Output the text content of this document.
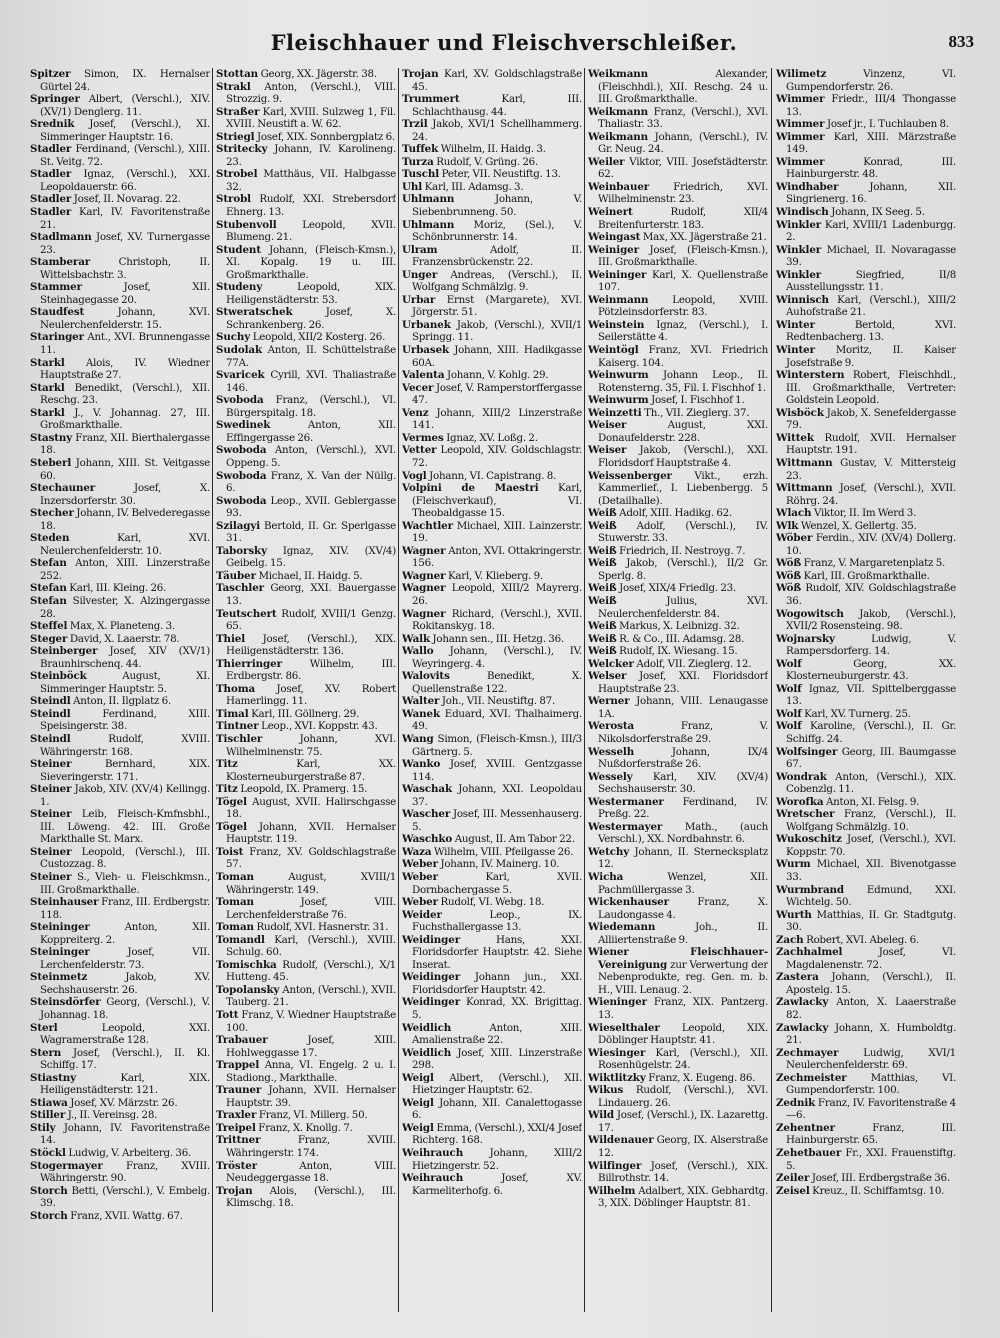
Fleischhauer und Fleischverschleißer.	833

Spitzer Simon, IX. Hernalser Gürtel 24.

Springer Albert, (Verschl.), XIV. (XV/1) Denglerg. 11.

Srednik Josef, (Verschl.), XI. Simmeringer Hauptstr. 16.

Stadler Ferdinand, (Verschl.), XIII. St. Veitg. 72.

Stadler Ignaz, (Verschl.), XXI. Leopoldauerstr. 66.

Stadler Josef, II. Novarag. 22.

Stadler Karl, IV. Favoritenstraße 21.

Stadlmann Josef, XV. Turnergasse 23.

Stamberar	Christoph, II. Wittelsbachstr. 3.

Stammer	Josef, XII. Steinhagegasse 20.

Staudfest	Johann, XVI. Neulerchenfelderstr. 15.

Staringer Ant., XVI. Brunnengasse 11.

Starkl Alois, IV. Wiedner Hauptstraße 27.

Starkl Benedikt, (Verschl.), XII. Reschg. 23.

Starkl J., V. Johannag. 27, III. Großmarkthalle.

Stastny Franz, XII. Bierthalergasse 18.

Steberl Johann, XIII. St. Veitgasse 60.

Stechauner	Josef, X. Inzersdorferstr. 30.

Stecher Johann, IV. Belvederegasse 18.

Steden	Karl, XVI. Neulerchenfelderstr. 10.

Stefan Anton, XIII. Linzerstraße 252.

Stefan Karl, III. Kleing. 26.

Stefan Silvester, X. Alzingergasse 28.

Steffel Max, X. Planeteng. 3.

Steger David, X. Laaerstr. 78.

Steinberger Josef, XIV (XV/1) Braunhirschenq. 44.

Steinböck	August, XI. Simmeringer Hauptstr. 5.

Steindl Anton, II. Ilgplatz 6.

Steindl	Ferdinand, XIII. Speisingerstr. 38.

Steindl	Rudolf, XVIII. Währingerstr. 168.

Steiner	Bernhard, XIX. Sieveringerstr. 171.

Steiner Jakob, XIV. (XV/4) Kellingg. 1.

Steiner Leib, Fleisch-Kmfnsbhl., III. Löweng. 42. III. Große Markthalle St. Marx.

Steiner Leopold, (Verschl.), III. Custozzag. 8.

Steiner S., Vieh- u. Fleischkmsn., III. Großmarkthalle.

Steinhauser Franz, III. Erdbergstr. 118.

Steininger	Anton, XII. Koppreiterg. 2.

Steininger	Josef, VII. Lerchenfelderstr. 73.

Steinmetz	Jakob, XV. Sechshauserstr. 26.

Steinsdörfer Georg, (Verschl.), V. Johannag. 18.

Sterl	Leopold, XXI. Wagramerstraße 128.

Stern Josef, (Verschl.), II. Kl. Schiffg. 17.

Stiastny	Karl, XIX. Heiligenstädterstr. 121.

Stiawa Josef, XV. Märzstr. 26.

Stiller J., II. Vereinsg. 28.

Stily Johann, IV. Favoritenstraße 14.

Stöckl Ludwig, V. Arbeiterg. 36.

Stogermayer Franz, XVIII. Währingerstr. 90.

Storch Betti, (Verschl.), V. Embelg. 39.

Storch Franz, XVII. Wattg. 67.

Stottan Georg, XX. Jägerstr. 38.

Strakl Anton, (Verschl.), VIII. Strozzig. 9.

Straßer Karl, XVIII. Sulzweg 1, Fil. XVIII. Neustift a. W. 62.

Striegl Josef, XIX. Sonnbergplatz 6.

Stritecky Johann, IV. Karolineng. 23.

Strobel Matthäus, VII. Halbgasse 32.

Strobl Rudolf, XXI. Strebersdorf Ehnerg. 13.

Stubenvoll Leopold, XVII. Blumeng. 21.

Student Johann, (Fleisch-Kmsn.), XI. Kopalg. 19 u. III. Großmarkthalle.

Studeny	Leopold, XIX. Heiligenstädterstr. 53.

Stweratschek	Josef, X. Schrankenberg. 26.

Suchy Leopold, XII/2 Kosterg. 26.

Sudolak Anton, II. Schüttelstraße 77A.

Svaricek Cyrill, XVI. Thaliastraße 146.

Svoboda Franz, (Verschl.), VI. Bürgerspitalg. 18.

Swedinek	Anton, XII. Effingergasse 26.

Swoboda Anton, (Verschl.), XVI. Oppeng. 5.

Swoboda Franz, X. Van der Nüllg. 6.

Swoboda Leop., XVII. Geblergasse 93.

Szilagyi Bertold, II. Gr. Sperlgasse 31.

Taborsky Ignaz, XIV. (XV/4) Geibelg. 15.

Täuber Michael, II. Haidg. 5.

Taschler Georg, XXI. Bauergasse 13.

Teutschert Rudolf, XVIII/1 Genzg. 65.

Thiel Josef, (Verschl.), XIX. Heiligenstädterstr. 136.

Thierringer	Wilhelm, III. Erdbergstr. 86.

Thoma Josef, XV. Robert Hamerlingg. 11.

Timal Karl, III. Göllnerg. 29.

Tintner Leop., XVI. Koppstr. 43.

Tischler	Johann, XVI. Wilhelminenstr. 75.

Titz	Karl, XX. Klosterneuburgerstraße 87.

Titz Leopold, IX. Pramerg. 15.

Tögel August, XVII. Halirschgasse 18.

Tögel Johann, XVII. Hernalser Hauptstr. 119.

Toist Franz, XV. Goldschlagstraße 57.

Toman	August, XVIII/1 Währingerstr. 149.

Toman	Josef, VIII. Lerchenfelderstraße 76.

Toman Rudolf, XVI. Hasnerstr. 31.

Tomandl Karl, (Verschl.), XVIII. Schulg. 60.

Tomischka Rudolf, (Verschl.), X/1 Hutteng. 45.

Topolansky Anton, (Verschl.), XVII. Tauberg. 21.

Tott Franz, V. Wiedner Hauptstraße 100.

Trabauer	Josef, XIII. Hohlweggasse 17.

Trappel Anna, VI. Engelg. 2 u. I. Stadiong., Markthalle.

Trauner Johann, XVII. Hernalser Hauptstr. 39.

Traxler Franz, VI. Millerg. 50.

Treipel Franz, X. Knollg. 7.

Trittner	Franz, XVIII. Währingerstr. 174.

Tröster	Anton, VIII. Neudeggergasse 18.

Trojan Alois, (Verschl.), III. Klimschg. 18.

Trojan Karl, XV. Goldschlagstraße 45.

Trummert	Karl, III. Schlachthausg. 44.

Trzil Jakob, XVI/1 Schellhammerg. 24.

Tuffek Wilhelm, II. Haidg. 3.

Turza Rudolf, V. Grüng. 26.

Tuschl Peter, VII. Neustiftg. 13.

Uhl Karl, III. Adamsg. 3.

Uhlmann	Johann, V. Siebenbrunneng. 50.

Uhlmann Moriz, (Sel.), V. Schönbrunnerstr. 14.

Ulram	Adolf, II. Franzensbrückenstr. 22.

Unger Andreas, (Verschl.), II. Wolfgang Schmälzlg. 9.

Urbar Ernst (Margarete), XVI. Jörgerstr. 51.

Urbanek Jakob, (Verschl.), XVII/1 Springg. 11.

Urbasek Johann, XIII. Hadikgasse 60A.

Valenta Johann, V. Kohlg. 29.

Vecer Josef, V. Ramperstorffergasse 47.

Venz Johann, XIII/2 Linzerstraße 141.

Vermes Ignaz, XV. Loßg. 2.

Vetter Leopold, XIV. Goldschlagstr. 72.

Vogl Johann, VI. Capistrang. 8.

Volpini de Maestri Karl, (Fleischverkauf), VI. Theobaldgasse 15.

Wachtler Michael, XIII. Lainzerstr. 19.

Wagner Anton, XVI. Ottakringerstr. 156.

Wagner Karl, V. Klieberg. 9.

Wagner Leopold, XIII/2 Mayrerg. 26.

Wagner Richard, (Verschl.), XVII. Rokitanskyg. 18.

Walk Johann sen., III. Hetzg. 36.

Wallo Johann, (Verschl.), IV. Weyringerg. 4.

Walovits	Benedikt, X. Quellenstraße 122.

Walter Joh., VII. Neustiftg. 87.

Wanek Eduard, XVI. Thalhaimerg. 49.

Wang Simon, (Fleisch-Kmsn.), III/3 Gärtnerg. 5.

Wanko Josef, XVIII. Gentzgasse 114.

Waschak Johann, XXI. Leopoldau 37.

Wascher Josef, III. Messenhauserg. 5.

Waschko August, II. Am Tabor 22.

Waza Wilhelm, VIII. Pfeilgasse 26.

Weber Johann, IV. Mainerg. 10.

Weber	Karl, XVII. Dornbachergasse 5.

Weber Rudolf, VI. Webg. 18.

Weider	Leop., IX. Fuchsthallergasse 13.

Weidinger	Hans, XXI. Floridsdorfer Hauptstr. 42. Siehe Inserat.

Weidinger Johann jun., XXI. Floridsdorfer Hauptstr. 42.

Weidinger Konrad, XX. Brigittag. 5.

Weidlich	Anton, XIII. Amalienstraße 22.

Weidlich Josef, XIII. Linzerstraße 298.

Weigl Albert, (Verschl.), XII. Hietzinger Hauptstr. 62.

Weigl Johann, XII. Canalettogasse 6.

Weigl Emma, (Verschl.), XXI/4 Josef Richterg. 168.

Weihrauch	Johann, XIII/2 Hietzingerstr. 52.

Weihrauch	Josef, XV. Karmeliterhofg. 6.

Weikmann	Alexander, (Fleischhdl.), XII. Reschg. 24 u. III. Großmarkthalle.

Weikmann Franz, (Verschl.), XVI. Thaliastr. 33.

Weikmann Johann, (Verschl.), IV. Gr. Neug. 24.

Weiler Viktor, VIII. Josefstädterstr. 62.

Weinbauer Friedrich, XVI. Wilhelminenstr. 23.

Weinert	Rudolf, XII/4 Breitenfurterstr. 183.

Weingast Max, XX. Jägerstraße 21.

Weiniger Josef, (Fleisch-Kmsn.), III. Großmarkthalle.

Weininger Karl, X. Quellenstraße 107.

Weinmann Leopold, XVIII. Pötzleinsdorferstr. 83.

Weinstein Ignaz, (Verschl.), I. Seilerstätte 4.

Weintögl Franz, XVI. Friedrich Kaiserg. 104.

Weinwurm Johann Leop., II. Rotensterng. 35, Fil. I. Fischhof 1.

Weinwurm Josef, I. Fischhof 1.

Weinzetti Th., VII. Zieglerg. 37.

Weiser	August, XXI. Donaufelderstr. 228.

Weiser Jakob, (Verschl.), XXI. Floridsdorf Hauptstraße 4.

Weissenberger Vikt., erzh. Kammerlief., I. Liebenbergg. 5 (Detailhalle).

Weiß Adolf, XIII. Hadikg. 62.

Weiß Adolf, (Verschl.), IV. Stuwerstr. 33.

Weiß Friedrich, II. Nestroyg. 7.

Weiß Jakob, (Verschl.), II/2 Gr. Sperlg. 8.

Weiß Josef, XIX/4 Friedlg. 23.

Weiß	Julius, XVI. Neulerchenfelderstr. 84.

Weiß Markus, X. Leibnizg. 32.

Weiß R. & Co., III. Adamsg. 28.

Weiß Rudolf, IX. Wiesang. 15.

Welcker Adolf, VII. Zieglerg. 12.

Welser Josef, XXI. Floridsdorf Hauptstraße 23.

Werner Johann, VIII. Lenaugasse 1A.

Werosta	Franz, V. Nikolsdorferstraße 29.

Wesselh	Johann, IX/4 Nußdorferstraße 26.

Wessely Karl, XIV. (XV/4) Sechshauserstr. 30.

Westermaner Ferdinand, IV. Preßg. 22.

Westermayer Math., (auch Verschl.), XX. Nordbahnstr. 6.

Wetchy Johann, II. Sternecksplatz 12.

Wicha	Wenzel, XII. Pachmüllergasse 3.

Wickenhauser	Franz, X. Laudongasse 4.

Wiedemann	Joh., II. Alliiertenstraße 9.

Wiener Fleischhauer-Vereinigung zur Verwertung der Nebenprodukte, reg. Gen. m. b. H., VIII. Lenaug. 2.

Wieninger Franz, XIX. Pantzerg. 13.

Wieselthaler Leopold, XIX. Döblinger Hauptstr. 41.

Wiesinger Karl, (Verschl.), XII. Rosenhügelstr. 24.

Wiktlitzky Franz, X. Eugeng. 86.

Wikus Rudolf, (Verschl.), XVI. Lindauerg. 26.

Wild Josef, (Verschl.), IX. Lazarettg. 17.

Wildenauer Georg, IX. Alserstraße 12.

Wilfinger Josef, (Verschl.), XIX. Billrothstr. 14.

Wilhelm Adalbert, XIX. Gebhardtg. 3, XIX. Döblinger Hauptstr. 81.

Wilimetz	Vinzenz, VI. Gumpendorferstr. 26.

Wimmer Friedr., III/4 Thongasse 13.

Wimmer Josef jr., I. Tuchlauben 8.

Wimmer Karl, XIII. Märzstraße 149.

Wimmer	Konrad, III. Hainburgerstr. 48.

Windhaber	Johann, XII. Singrienerg. 16.

Windisch Johann, IX Seeg. 5.

Winkler Karl, XVIII/1 Ladenburgg. 2.

Winkler Michael, II. Novaragasse 39.

Winkler	Siegfried, II/8 Ausstellungsstr. 11.

Winnisch Karl, (Verschl.), XIII/2 Auhofstraße 21.

Winter	Bertold, XVI. Redtenbacherg. 13.

Winter Moritz, II. Kaiser Josefstraße 9.

Winterstern Robert, Fleischhdl., III. Großmarkthalle, Vertreter: Goldstein Leopold.

Wisböck Jakob, X. Senefeldergasse 79.

Wittek Rudolf, XVII. Hernalser Hauptstr. 191.

Wittmann Gustav, V. Mittersteig 23.

Wittmann Josef, (Verschl.), XVII. Röhrg. 24.

Wlach Viktor, II. Im Werd 3.

Wlk Wenzel, X. Gellertg. 35.

Wöber Ferdin., XIV. (XV/4) Dollerg. 10.

Wöß Franz, V. Margaretenplatz 5.

Wöß Karl, III. Großmarkthalle.

Wöß Rudolf, XIV. Goldschlagstraße 36.

Wogowitsch Jakob, (Verschl.), XVII/2 Rosensteing. 98.

Wojnarsky	Ludwig, V. Rampersdorferg. 14.

Wolf	Georg, XX. Klosterneuburgerstr. 43.

Wolf Ignaz, VII. Spittelberggasse 13.

Wolf Karl, XV. Turnerg. 25.

Wolf Karoline, (Verschl.), II. Gr. Schiffg. 24.

Wolfsinger Georg, III. Baumgasse 67.

Wondrak Anton, (Verschl.), XIX. Cobenzlg. 11.

Worofka Anton, XI. Felsg. 9.

Wretscher Franz, (Verschl.), II. Wolfgang Schmälzlg. 10.

Wukoschitz Josef, (Verschl.), XVI. Koppstr. 70.

Wurm Michael, XII. Bivenotgasse 33.

Wurmbrand Edmund, XXI. Wichtelg. 50.

Wurth Matthias, II. Gr. Stadtgutg. 30.

Zach Robert, XVI. Abeleg. 6.

Zachhalmel	Josef, VI. Magdalenenstr. 72.

Zastera Johann, (Verschl.), II. Apostelg. 15.

Zawlacky Anton, X. Laaerstraße 82.

Zawlacky Johann, X. Humboldtg. 21.

Zechmayer Ludwig, XVI/1 Neulerchenfelderstr. 69.

Zechmeister Matthias, VI. Gumpendorferstr. 100.

Zednik Franz, IV. Favoritenstraße 4—6.

Zehentner	Franz, III. Hainburgerstr. 65.

Zehetbauer Fr., XXI. Frauenstiftg. 5.

Zeiler Josef, III. Erdbergstraße 36.

Zeisel Kreuz., II. Schiffamtsg. 10.
